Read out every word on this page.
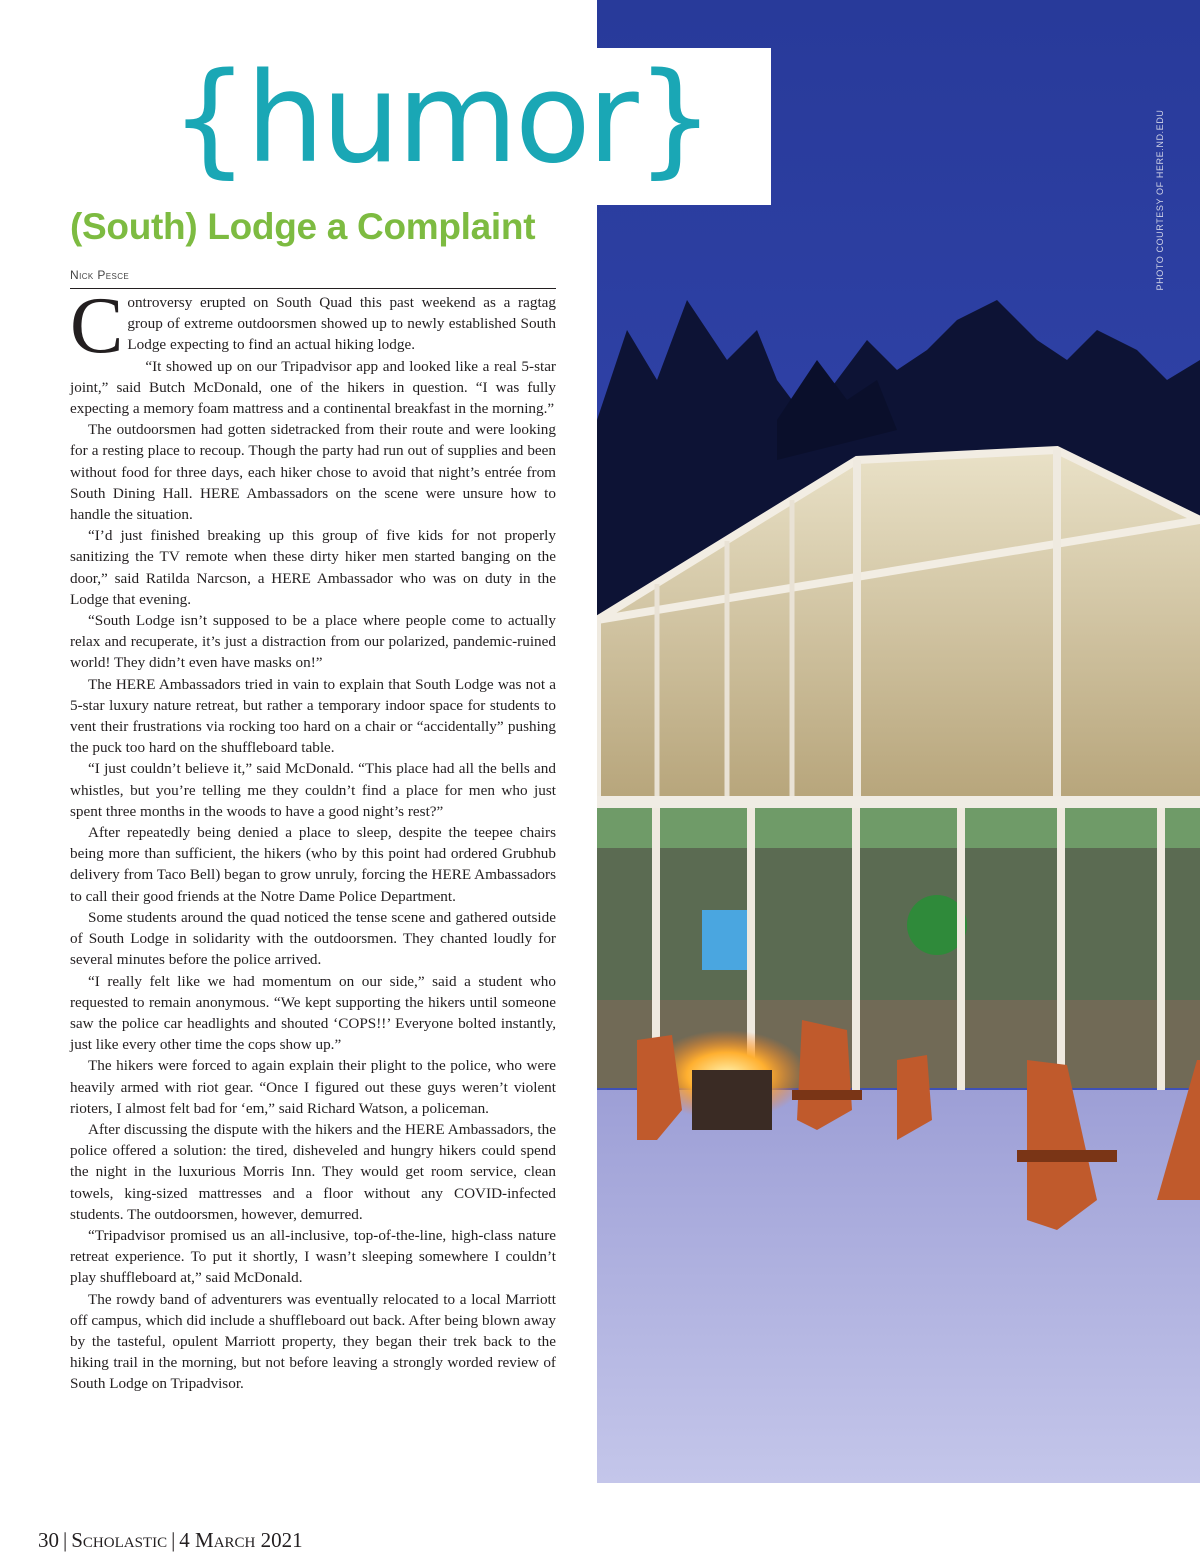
PHOTO COURTESY OF HERE.ND.EDU
{humor}
(South) Lodge a Complaint
Nick Pesce

Controversy erupted on South Quad this past weekend as a ragtag group of extreme outdoorsmen showed up to newly established South Lodge expecting to find an actual hiking lodge.

“It showed up on our Tripadvisor app and looked like a real 5-star joint,” said Butch McDonald, one of the hikers in question. “I was fully expecting a memory foam mattress and a continental breakfast in the morning.”

The outdoorsmen had gotten sidetracked from their route and were looking for a resting place to recoup. Though the party had run out of supplies and been without food for three days, each hiker chose to avoid that night’s entrée from South Dining Hall. HERE Ambassadors on the scene were unsure how to handle the situation.

“I’d just finished breaking up this group of five kids for not properly sanitizing the TV remote when these dirty hiker men started banging on the door,” said Ratilda Narcson, a HERE Ambassador who was on duty in the Lodge that evening.

“South Lodge isn’t supposed to be a place where people come to actually relax and recuperate, it’s just a distraction from our polarized, pandemic-ruined world! They didn’t even have masks on!”

The HERE Ambassadors tried in vain to explain that South Lodge was not a 5-star luxury nature retreat, but rather a temporary indoor space for students to vent their frustrations via rocking too hard on a chair or “accidentally” pushing the puck too hard on the shuffleboard table.

“I just couldn’t believe it,” said McDonald. “This place had all the bells and whistles, but you’re telling me they couldn’t find a place for men who just spent three months in the woods to have a good night’s rest?”

After repeatedly being denied a place to sleep, despite the teepee chairs being more than sufficient, the hikers (who by this point had ordered Grubhub delivery from Taco Bell) began to grow unruly, forcing the HERE Ambassadors to call their good friends at the Notre Dame Police Department.

Some students around the quad noticed the tense scene and gathered outside of South Lodge in solidarity with the outdoorsmen. They chanted loudly for several minutes before the police arrived.

“I really felt like we had momentum on our side,” said a student who requested to remain anonymous. “We kept supporting the hikers until someone saw the police car headlights and shouted ‘COPS!!’ Everyone bolted instantly, just like every other time the cops show up.”

The hikers were forced to again explain their plight to the police, who were heavily armed with riot gear. “Once I figured out these guys weren’t violent rioters, I almost felt bad for ‘em,” said Richard Watson, a policeman.

After discussing the dispute with the hikers and the HERE Ambassadors, the police offered a solution: the tired, disheveled and hungry hikers could spend the night in the luxurious Morris Inn. They would get room service, clean towels, king-sized mattresses and a floor without any COVID-infected students. The outdoorsmen, however, demurred.

“Tripadvisor promised us an all-inclusive, top-of-the-line, high-class nature retreat experience. To put it shortly, I wasn’t sleeping somewhere I couldn’t play shuffleboard at,” said McDonald.

The rowdy band of adventurers was eventually relocated to a local Marriott off campus, which did include a shuffleboard out back. After being blown away by the tasteful, opulent Marriott property, they began their trek back to the hiking trail in the morning, but not before leaving a strongly worded review of South Lodge on Tripadvisor.

30 | Scholastic | 4 March 2021
